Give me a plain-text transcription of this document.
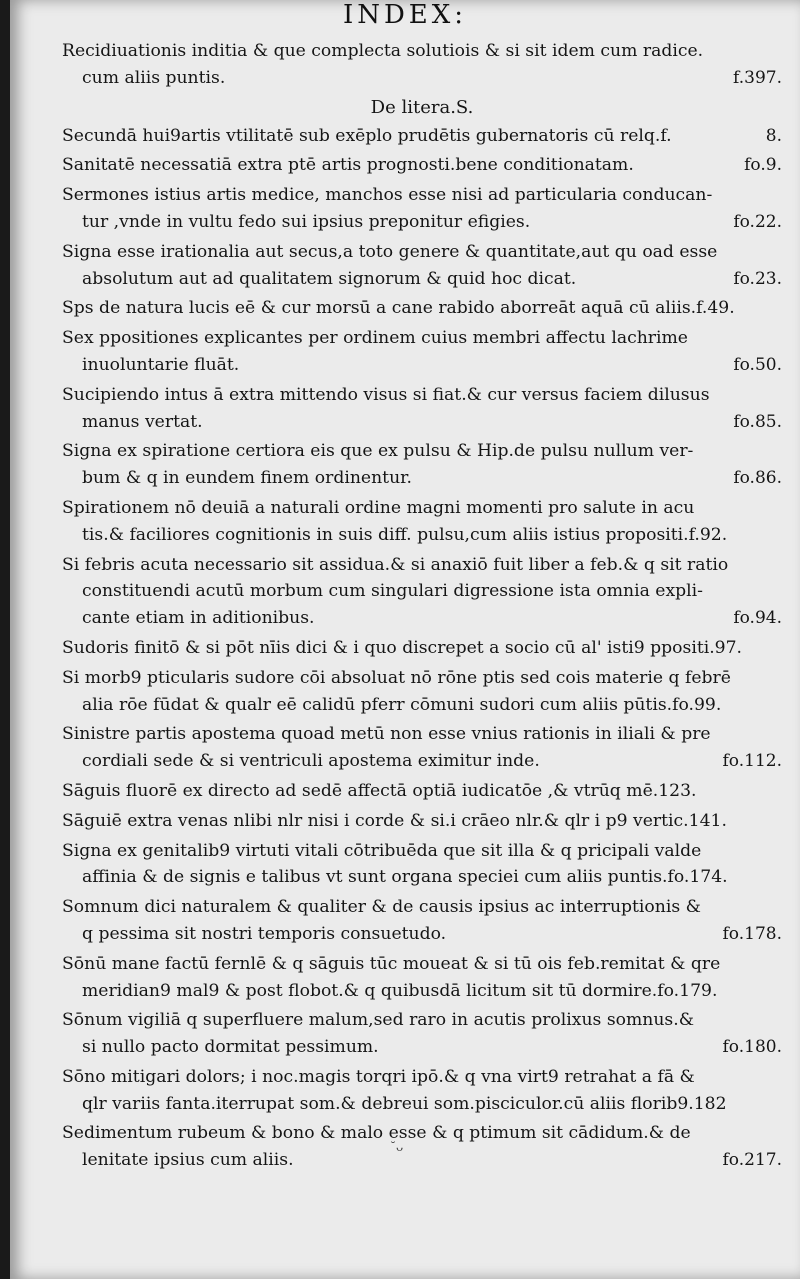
INDEX:
Recidiuationis inditia & que complecta solutiois & si sit idem cum radice.
cum aliis puntis.	f.397.
De litera.S.
Secundā hui9artis vtilitatē sub exēplo prudētis gubernatoris cū relq.f.	8.
Sanitatē necessatiā extra ptē artis prognosti.bene conditionatam.	fo.9.
Sermones istius artis medice, manchos esse nisi ad particularia conducan-
tur ,vnde in vultu fedo sui ipsius preponitur efigies.	fo.22.
Signa esse irationalia aut secus,a toto genere & quantitate,aut qu oad esse
absolutum aut ad qualitatem signorum & quid hoc dicat.	fo.23.
Sps de natura lucis eē & cur morsū a cane rabido aborreāt aquā cū aliis.f.49.
Sex ppositiones explicantes per ordinem cuius membri affectu lachrime
inuoluntarie fluāt.	fo.50.
Sucipiendo intus ā extra mittendo visus si fiat.& cur versus faciem dilusus
manus vertat.	fo.85.
Signa ex spiratione certiora eis que ex pulsu & Hip.de pulsu nullum ver-
bum & q in eundem finem ordinentur.	fo.86.
Spirationem nō deuiā a naturali ordine magni momenti pro salute in acu
tis.& faciliores cognitionis in suis diff. pulsu,cum aliis istius propositi.f.92.
Si febris acuta necessario sit assidua.& si anaxiō fuit liber a feb.& q sit ratio
constituendi acutū morbum cum singulari digressione ista omnia expli-
cante etiam in aditionibus.	fo.94.
Sudoris finitō & si pōt nīis dici & i quo discrepet a socio cū al' isti9 ppositi.97.
Si morb9 pticularis sudore cōi absoluat nō rōne ptis sed cois materie q febrē
alia rōe fūdat & qualr eē calidū pferr cōmuni sudori cum aliis pūtis.fo.99.
Sinistre partis apostema quoad metū non esse vnius rationis in iliali & pre
cordiali sede & si ventriculi apostema eximitur inde.	fo.112.
Sāguis fluorē ex directo ad sedē affectā optiā iudicatōe ,& vtrūq mē.123.
Sāguiē extra venas nlibi nlr nisi i corde & si.i crāeo nlr.& qlr i p9 vertic.141.
Signa ex genitalib9 virtuti vitali cōtribuēda que sit illa & q pricipali valde
affinia & de signis e talibus vt sunt organa speciei cum aliis puntis.fo.174.
Somnum dici naturalem & qualiter & de causis ipsius ac interruptionis &
q pessima sit nostri temporis consuetudo.	fo.178.
Sōnū mane factū fernlē & q sāguis tūc moueat & si tū ois feb.remitat & qre
meridian9 mal9 & post flobot.& q quibusdā licitum sit tū dormire.fo.179.
Sōnum vigiliā q superfluere malum,sed raro in acutis prolixus somnus.&
si nullo pacto dormitat pessimum.	fo.180.
Sōno mitigari dolors; i noc.magis torqri ipō.& q vna virt9 retrahat a fā &
qlr variis fanta.iterrupat som.& debreui som.pisciculor.cū aliis florib9.182
Sedimentum rubeum & bono & malo esse & q ptimum sit cādidum.& de
lenitate ipsius cum aliis.	fo.217.
˘ᴗ
